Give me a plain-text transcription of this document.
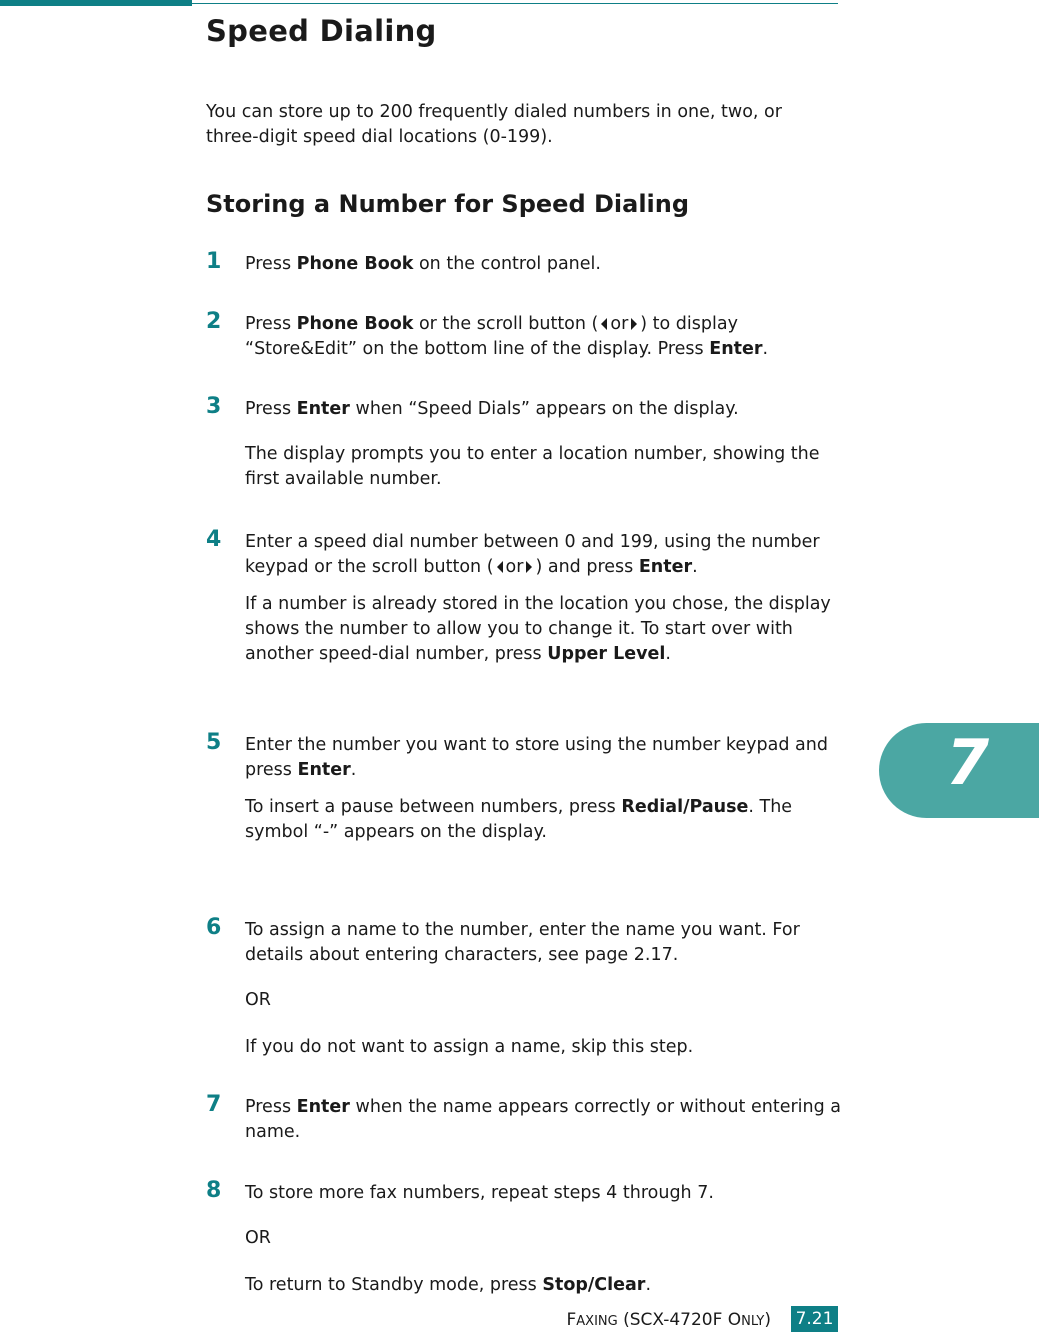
Speed Dialing

You can store up to 200 frequently dialed numbers in one, two, or three-digit speed dial locations (0-199).

Storing a Number for Speed Dialing
1 Press Phone Book on the control panel.

2 Press Phone Book or the scroll button ( or ) to display “Store&Edit” on the bottom line of the display. Press Enter.

3 Press Enter when “Speed Dials” appears on the display.

The display prompts you to enter a location number, showing the first available number.

4 Enter a speed dial number between 0 and 199, using the number keypad or the scroll button ( or ) and press Enter.

If a number is already stored in the location you chose, the display shows the number to allow you to change it. To start over with another speed-dial number, press Upper Level.

5 Enter the number you want to store using the number keypad and press Enter.

To insert a pause between numbers, press Redial/Pause. The symbol “-” appears on the display.

6 To assign a name to the number, enter the name you want. For details about entering characters, see page 2.17.

OR

If you do not want to assign a name, skip this step.

7 Press Enter when the name appears correctly or without entering a name.

8 To store more fax numbers, repeat steps 4 through 7.

OR

To return to Standby mode, press Stop/Clear.

7
FAXING (SCX-4720F ONLY) 7.21
